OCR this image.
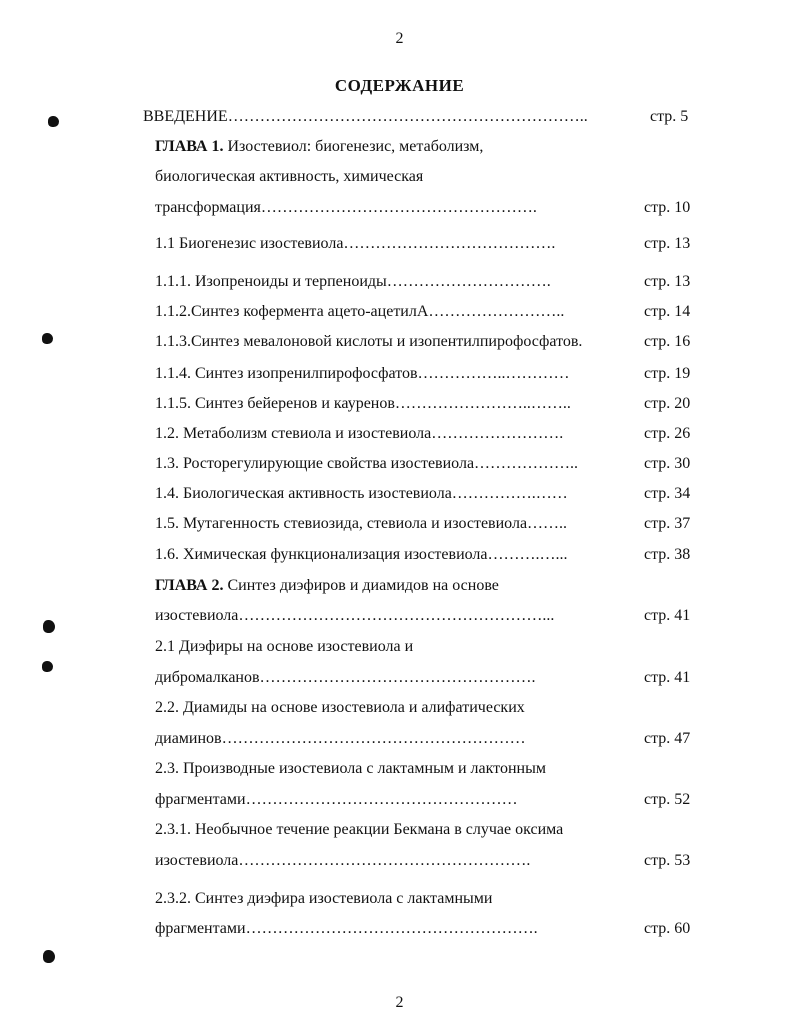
2
СОДЕРЖАНИЕ
ВВЕДЕНИЕ…………………………………………………………..	стр. 5
ГЛАВА 1. Изостевиол: биогенезис, метаболизм,
биологическая активность, химическая
трансформация…………………………………………….	стр. 10
1.1 Биогенезис изостевиола………………………………….	стр. 13
1.1.1. Изопреноиды и терпеноиды………………………….	стр. 13
1.1.2.Синтез кофермента ацето-ацетилА……………………..	стр. 14
1.1.3.Синтез мевалоновой кислоты и изопентилпирофосфатов.	стр. 16
1.1.4. Синтез изопренилпирофосфатов……………..…………	стр. 19
1.1.5. Синтез бейеренов и кауренов……………………..……..	стр. 20
1.2. Метаболизм стевиола и изостевиола…………………….	стр. 26
1.3. Росторегулирующие свойства изостевиола………………..	стр. 30
1.4. Биологическая активность изостевиола…………….……	стр. 34
1.5. Мутагенность стевиозида, стевиола и изостевиола……..	стр. 37
1.6. Химическая функционализация изостевиола……….…...	стр. 38
ГЛАВА 2. Синтез диэфиров и диамидов на основе
изостевиола…………………………………………………...	стр. 41
2.1 Диэфиры на основе изостевиола и
дибромалканов…………………………………………….	стр. 41
2.2. Диамиды на основе изостевиола и алифатических
диаминов…………………………………………………	стр. 47
2.3. Производные изостевиола с лактамным и лактонным
фрагментами……………………………………………	стр. 52
2.3.1. Необычное течение реакции Бекмана в случае оксима
изостевиола……………………………………………….	стр. 53
2.3.2. Синтез диэфира изостевиола с лактамными
фрагментами……………………………………………….	стр. 60
2
